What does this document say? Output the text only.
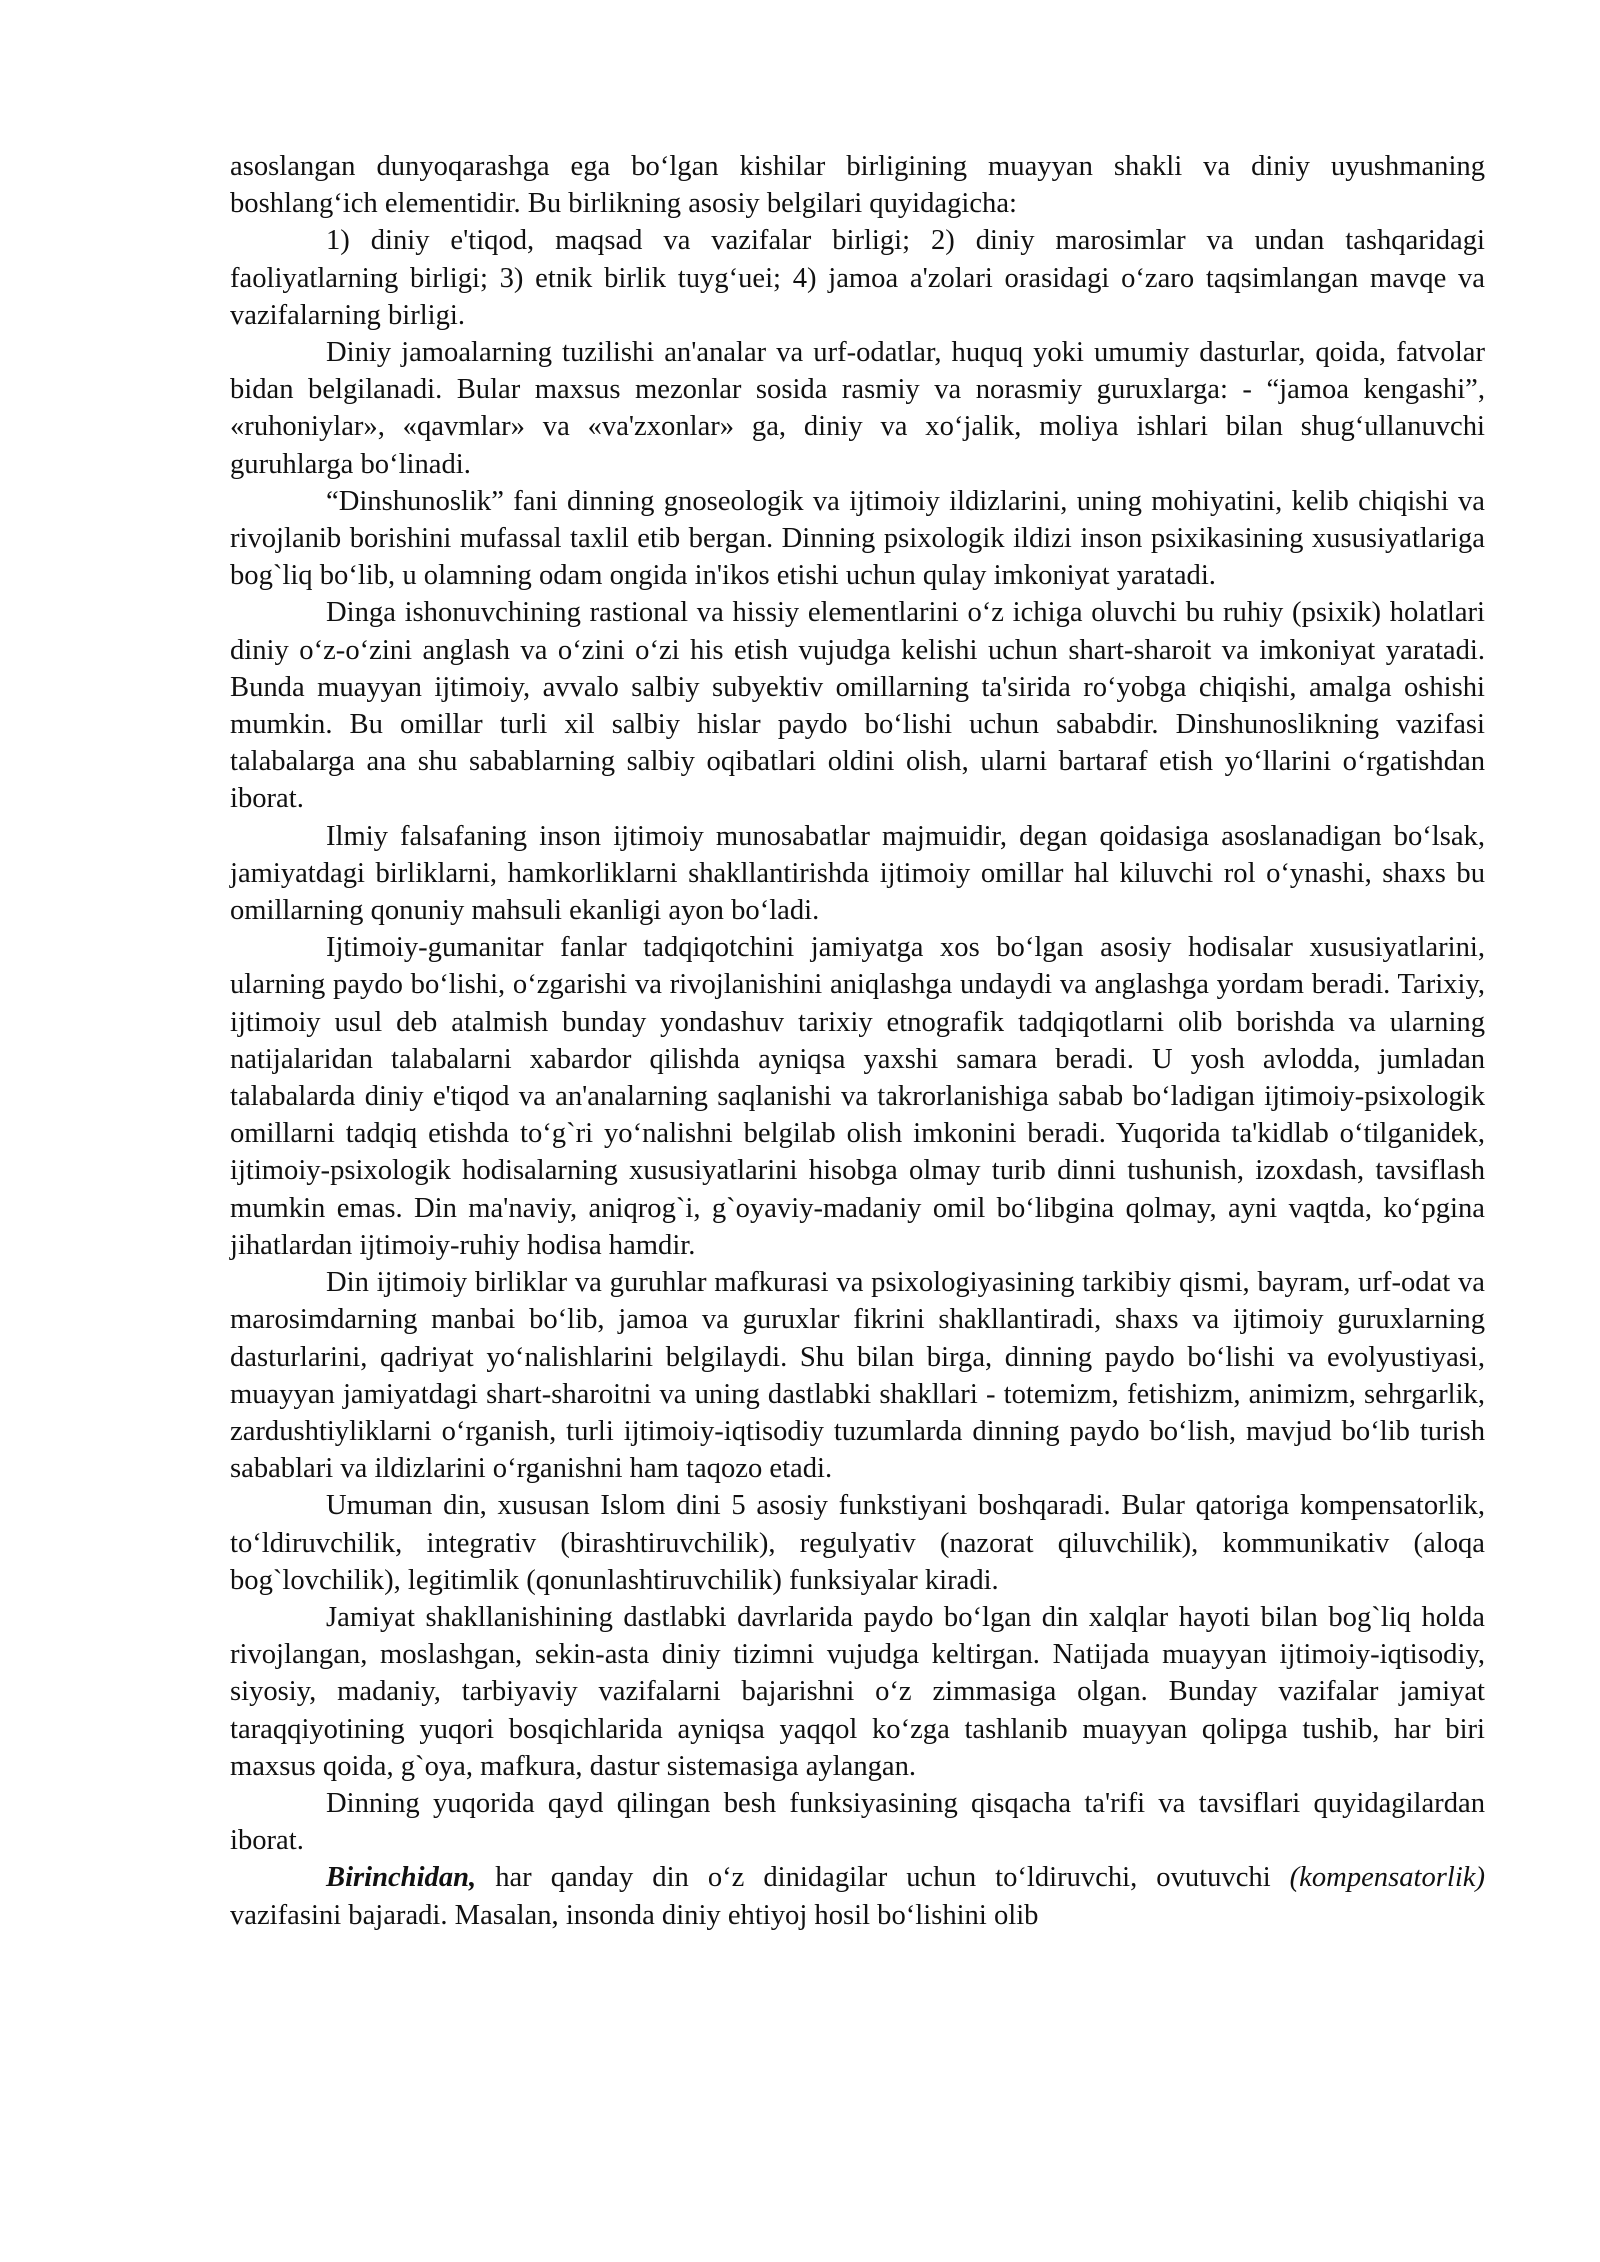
asoslangan dunyoqarashga ega bo‘lgan kishilar birligining muayyan shakli va diniy uyushmaning boshlang‘ich elementidir. Bu birlikning asosiy belgilari quyidagicha:

1) diniy e'tiqod, maqsad va vazifalar birligi; 2) diniy marosimlar va undan tashqaridagi faoliyatlarning birligi; 3) etnik birlik tuyg‘uei; 4) jamoa a'zolari orasidagi o‘zaro taqsimlangan mavqe va vazifalarning birligi.

Diniy jamoalarning tuzilishi an'analar va urf-odatlar, huquq yoki umumiy dasturlar, qoida, fatvolar bidan belgilanadi. Bular maxsus mezonlar sosida rasmiy va norasmiy guruxlarga: - “jamoa kengashi”, «ruhoniylar», «qavmlar» va «va'zxonlar» ga, diniy va xo‘jalik, moliya ishlari bilan shug‘ullanuvchi guruhlarga bo‘linadi.

“Dinshunoslik” fani dinning gnoseologik va ijtimoiy ildizlarini, uning mohiyatini, kelib chiqishi va rivojlanib borishini mufassal taxlil etib bergan. Dinning psixologik ildizi inson psixikasining xususiyatlariga bog`liq bo‘lib, u olamning odam ongida in'ikos etishi uchun qulay imkoniyat yaratadi.

Dinga ishonuvchining rastional va hissiy elementlarini o‘z ichiga oluvchi bu ruhiy (psixik) holatlari diniy o‘z-o‘zini anglash va o‘zini o‘zi his etish vujudga kelishi uchun shart-sharoit va imkoniyat yaratadi. Bunda muayyan ijtimoiy, avvalo salbiy subyektiv omillarning ta'sirida ro‘yobga chiqishi, amalga oshishi mumkin. Bu omillar turli xil salbiy hislar paydo bo‘lishi uchun sababdir. Dinshunoslikning vazifasi talabalarga ana shu sabablarning salbiy oqibatlari oldini olish, ularni bartaraf etish yo‘llarini o‘rgatishdan iborat.

Ilmiy falsafaning inson ijtimoiy munosabatlar majmuidir, degan qoidasiga asoslanadigan bo‘lsak, jamiyatdagi birliklarni, hamkorliklarni shakllantirishda ijtimoiy omillar hal kiluvchi rol o‘ynashi, shaxs bu omillarning qonuniy mahsuli ekanligi ayon bo‘ladi.

Ijtimoiy-gumanitar fanlar tadqiqotchini jamiyatga xos bo‘lgan asosiy hodisalar xususiyatlarini, ularning paydo bo‘lishi, o‘zgarishi va rivojlanishini aniqlashga undaydi va anglashga yordam beradi. Tarixiy, ijtimoiy usul deb atalmish bunday yondashuv tarixiy etnografik tadqiqotlarni olib borishda va ularning natijalaridan talabalarni xabardor qilishda ayniqsa yaxshi samara beradi. U yosh avlodda, jumladan talabalarda diniy e'tiqod va an'analarning saqlanishi va takrorlanishiga sabab bo‘ladigan ijtimoiy-psixologik omillarni tadqiq etishda to‘g`ri yo‘nalishni belgilab olish imkonini beradi. Yuqorida ta'kidlab o‘tilganidek, ijtimoiy-psixologik hodisalarning xususiyatlarini hisobga olmay turib dinni tushunish, izoxdash, tavsiflash mumkin emas. Din ma'naviy, aniqrog`i, g`oyaviy-madaniy omil bo‘libgina qolmay, ayni vaqtda, ko‘pgina jihatlardan ijtimoiy-ruhiy hodisa hamdir.

Din ijtimoiy birliklar va guruhlar mafkurasi va psixologiyasining tarkibiy qismi, bayram, urf-odat va marosimdarning manbai bo‘lib, jamoa va guruxlar fikrini shakllantiradi, shaxs va ijtimoiy guruxlarning dasturlarini, qadriyat yo‘nalishlarini belgilaydi. Shu bilan birga, dinning paydo bo‘lishi va evolyustiyasi, muayyan jamiyatdagi shart-sharoitni va uning dastlabki shakllari - totemizm, fetishizm, animizm, sehrgarlik, zardushtiyliklarni o‘rganish, turli ijtimoiy-iqtisodiy tuzumlarda dinning paydo bo‘lish, mavjud bo‘lib turish sabablari va ildizlarini o‘rganishni ham taqozo etadi.

Umuman din, xususan Islom dini 5 asosiy funkstiyani boshqaradi. Bular qatoriga kompensatorlik, to‘ldiruvchilik, integrativ (birashtiruvchilik), regulyativ (nazorat qiluvchilik), kommunikativ (aloqa bog`lovchilik), legitimlik (qonunlashtiruvchilik) funksiyalar kiradi.

Jamiyat shakllanishining dastlabki davrlarida paydo bo‘lgan din xalqlar hayoti bilan bog`liq holda rivojlangan, moslashgan, sekin-asta diniy tizimni vujudga keltirgan. Natijada muayyan ijtimoiy-iqtisodiy, siyosiy, madaniy, tarbiyaviy vazifalarni bajarishni o‘z zimmasiga olgan. Bunday vazifalar jamiyat taraqqiyotining yuqori bosqichlarida ayniqsa yaqqol ko‘zga tashlanib muayyan qolipga tushib, har biri maxsus qoida, g`oya, mafkura, dastur sistemasiga aylangan.

Dinning yuqorida qayd qilingan besh funksiyasining qisqacha ta'rifi va tavsiflari quyidagilardan iborat.

Birinchidan, har qanday din o‘z dinidagilar uchun to‘ldiruvchi, ovutuvchi (kompensatorlik) vazifasini bajaradi. Masalan, insonda diniy ehtiyoj hosil bo‘lishini olib
